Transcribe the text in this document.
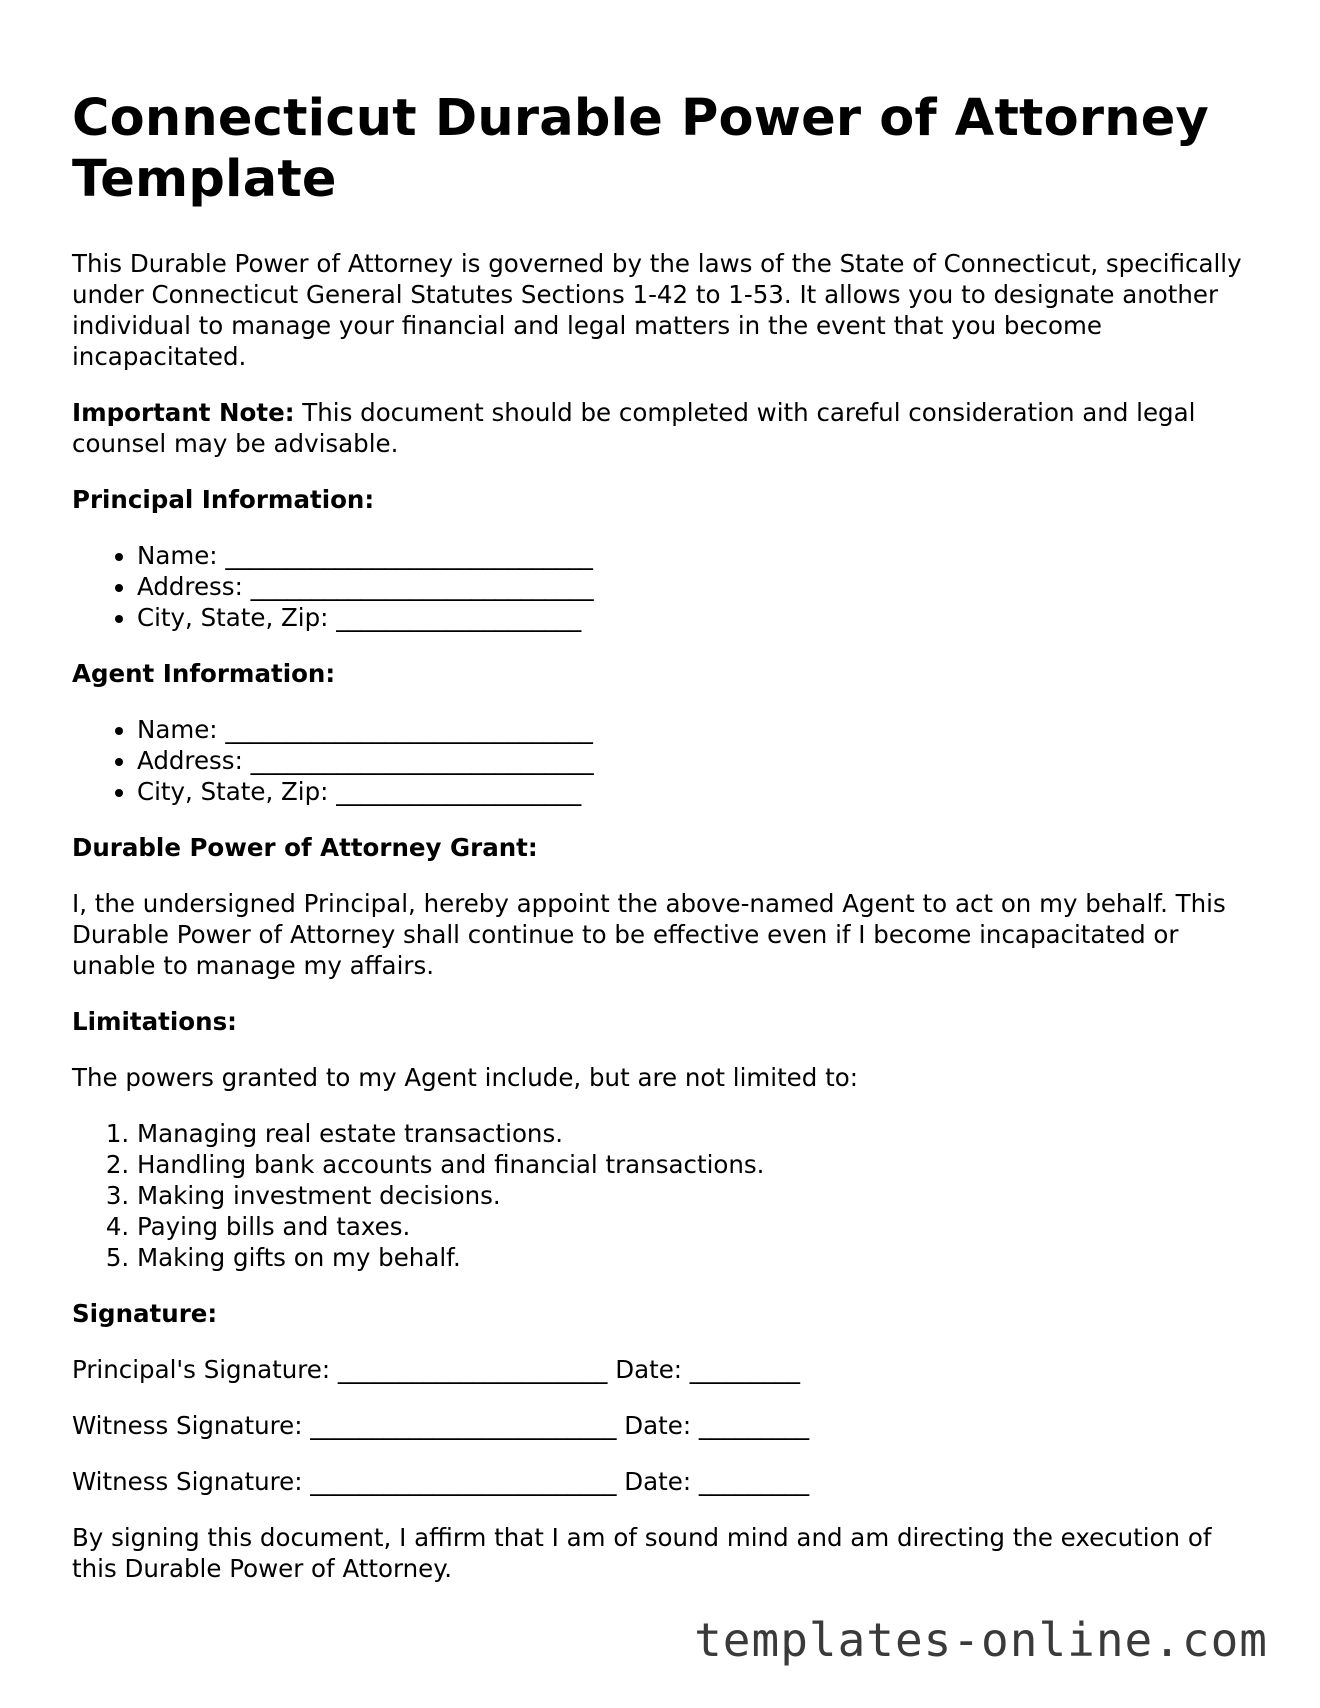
Connecticut Durable Power of Attorney Template

This Durable Power of Attorney is governed by the laws of the State of Connecticut, specifically under Connecticut General Statutes Sections 1-42 to 1-53. It allows you to designate another individual to manage your financial and legal matters in the event that you become incapacitated.

Important Note: This document should be completed with careful consideration and legal counsel may be advisable.

Principal Information:
• Name: ______________________________
• Address: ____________________________
• City, State, Zip: ____________________
Agent Information:
• Name: ______________________________
• Address: ____________________________
• City, State, Zip: ____________________
Durable Power of Attorney Grant:

I, the undersigned Principal, hereby appoint the above-named Agent to act on my behalf. This Durable Power of Attorney shall continue to be effective even if I become incapacitated or unable to manage my affairs.

Limitations:

The powers granted to my Agent include, but are not limited to:

1. Managing real estate transactions.
2. Handling bank accounts and financial transactions.
3. Making investment decisions.
4. Paying bills and taxes.
5. Making gifts on my behalf.
Signature:
Principal's Signature: ______________________ Date: _________
Witness Signature: _________________________ Date: _________
Witness Signature: _________________________ Date: _________

By signing this document, I affirm that I am of sound mind and am directing the execution of this Durable Power of Attorney.

templates-online.com
